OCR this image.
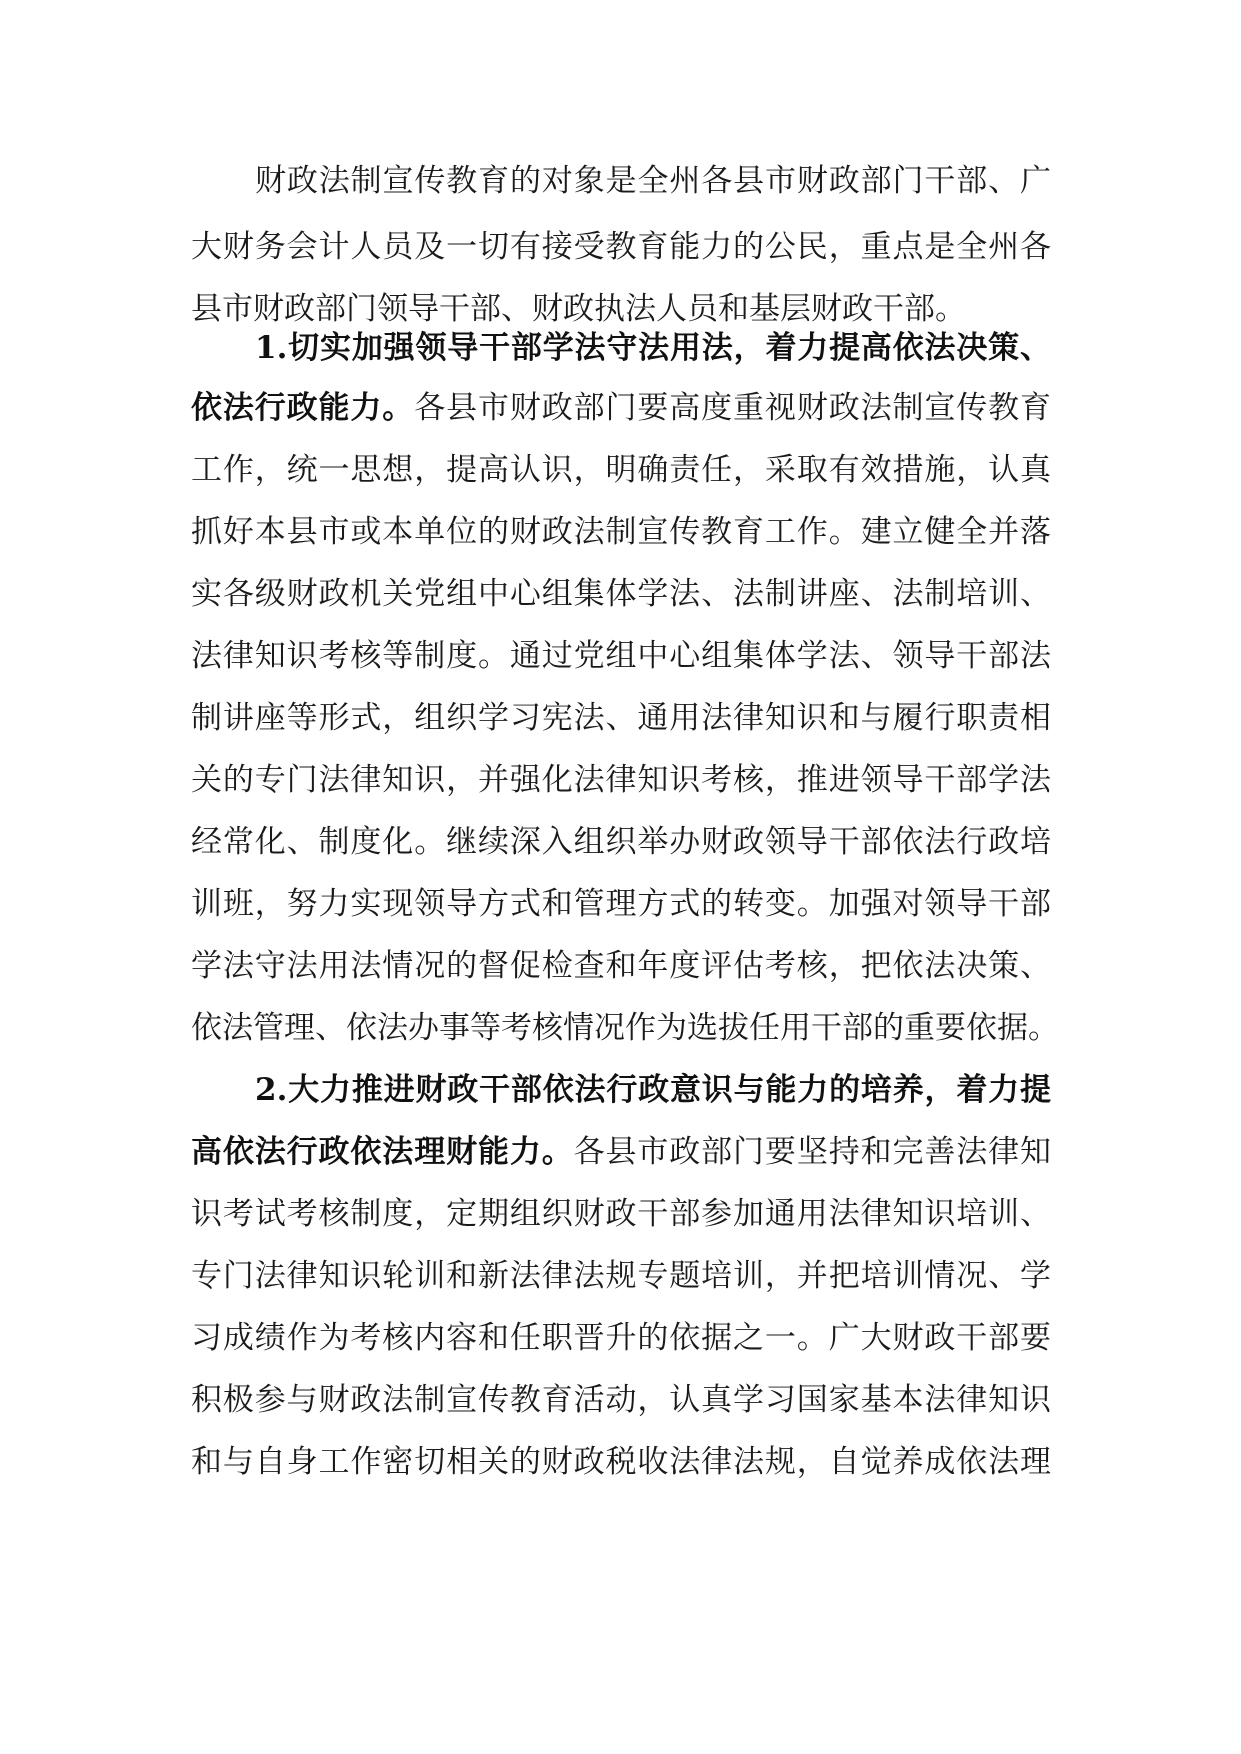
财政法制宣传教育的对象是全州各县市财政部门干部、广
大财务会计人员及一切有接受教育能力的公民，重点是全州各
县市财政部门领导干部、财政执法人员和基层财政干部。
1.切实加强领导干部学法守法用法，着力提高依法决策、
依法行政能力。各县市财政部门要高度重视财政法制宣传教育
工作，统一思想，提高认识，明确责任，采取有效措施，认真
抓好本县市或本单位的财政法制宣传教育工作。建立健全并落
实各级财政机关党组中心组集体学法、法制讲座、法制培训、
法律知识考核等制度。通过党组中心组集体学法、领导干部法
制讲座等形式，组织学习宪法、通用法律知识和与履行职责相
关的专门法律知识，并强化法律知识考核，推进领导干部学法
经常化、制度化。继续深入组织举办财政领导干部依法行政培
训班，努力实现领导方式和管理方式的转变。加强对领导干部
学法守法用法情况的督促检查和年度评估考核，把依法决策、
依法管理、依法办事等考核情况作为选拔任用干部的重要依据。
2.大力推进财政干部依法行政意识与能力的培养，着力提
高依法行政依法理财能力。各县市政部门要坚持和完善法律知
识考试考核制度，定期组织财政干部参加通用法律知识培训、
专门法律知识轮训和新法律法规专题培训，并把培训情况、学
习成绩作为考核内容和任职晋升的依据之一。广大财政干部要
积极参与财政法制宣传教育活动，认真学习国家基本法律知识
和与自身工作密切相关的财政税收法律法规，自觉养成依法理
